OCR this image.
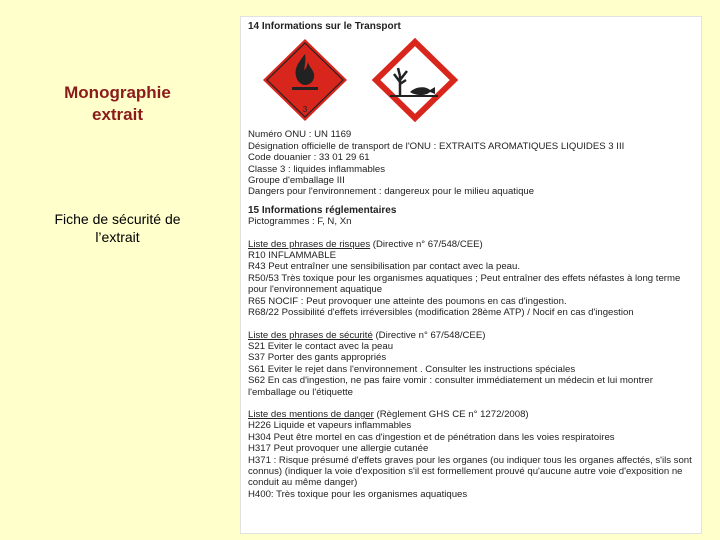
Monographie extrait
Fiche de sécurité de l’extrait
14 Informations sur le Transport
3
Numéro ONU : UN 1169
Désignation officielle de transport de l'ONU : EXTRAITS AROMATIQUES LIQUIDES 3 III
Code douanier : 33 01 29 61
Classe 3 : liquides inflammables
Groupe d'emballage III
Dangers pour l'environnement : dangereux pour le milieu aquatique
15 Informations réglementaires
Pictogrammes : F, N, Xn
Liste des phrases de risques (Directive n° 67/548/CEE)
R10 INFLAMMABLE
R43 Peut entraîner une sensibilisation par contact avec la peau.
R50/53 Très toxique pour les organismes aquatiques ; Peut entraîner des effets néfastes à long terme pour l'environnement aquatique
R65 NOCIF : Peut provoquer une atteinte des poumons en cas d'ingestion.
R68/22 Possibilité d'effets irréversibles (modification 28ème ATP) / Nocif en cas d'ingestion
Liste des phrases de sécurité (Directive n° 67/548/CEE)
S21 Eviter le contact avec la peau
S37 Porter des gants appropriés
S61 Eviter le rejet dans l'environnement . Consulter les instructions spéciales
S62 En cas d'ingestion, ne pas faire vomir : consulter immédiatement un médecin et lui montrer l'emballage ou l'étiquette
Liste des mentions de danger (Règlement GHS CE n° 1272/2008)
H226 Liquide et vapeurs inflammables
H304 Peut être mortel en cas d'ingestion et de pénétration dans les voies respiratoires
H317 Peut provoquer une allergie cutanée
H371 : Risque présumé d'effets graves pour les organes (ou indiquer tous les organes affectés, s'ils sont connus) (indiquer la voie d'exposition s'il est formellement prouvé qu'aucune autre voie d'exposition ne conduit au même danger)
H400: Très toxique pour les organismes aquatiques
